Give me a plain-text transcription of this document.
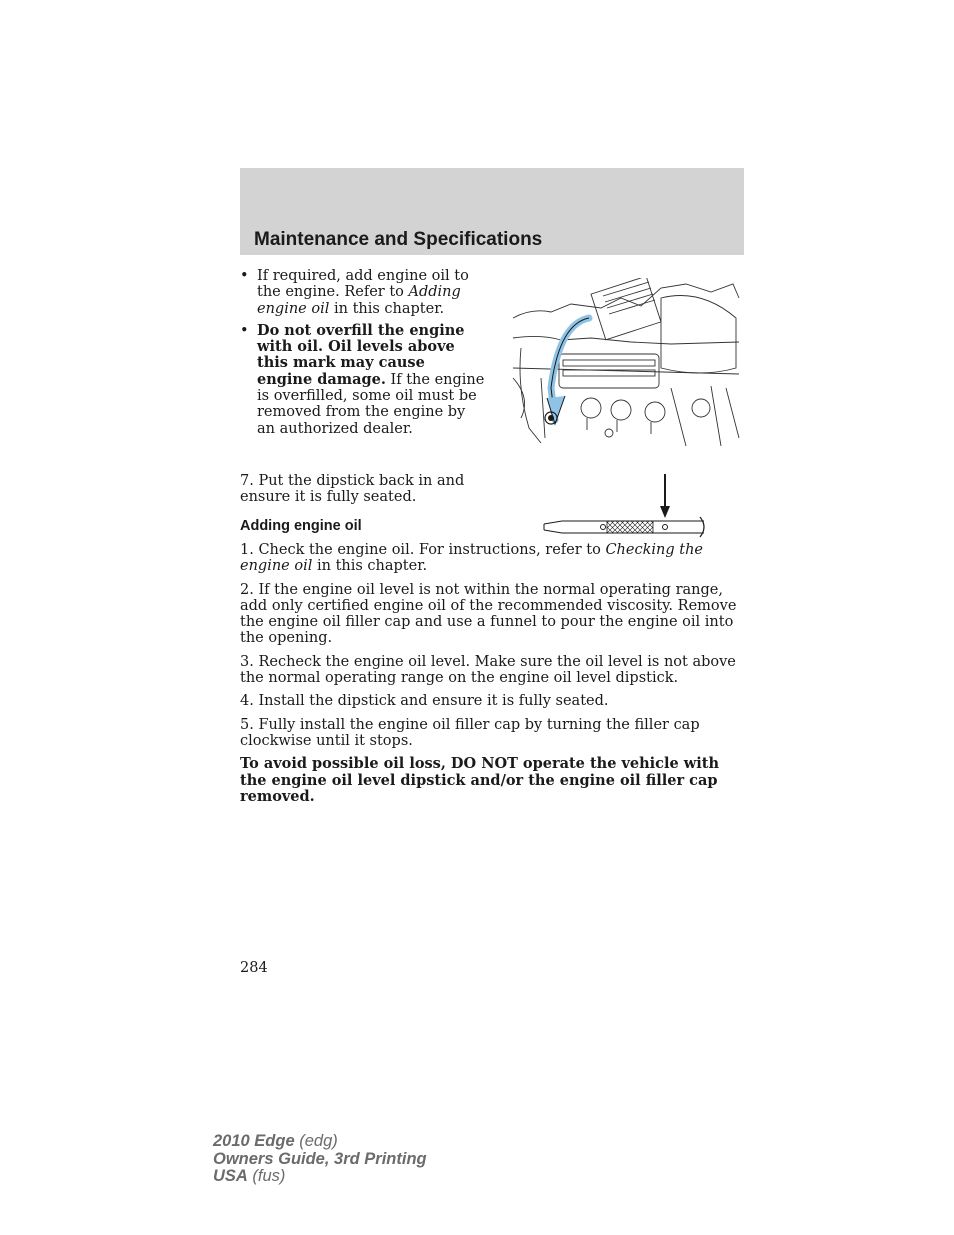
Maintenance and Specifications
• If required, add engine oil to the engine. Refer to Adding engine oil in this chapter.
• Do not overfill the engine with oil. Oil levels above this mark may cause engine damage. If the engine is overfilled, some oil must be removed from the engine by an authorized dealer.
7. Put the dipstick back in and ensure it is fully seated.
Adding engine oil

1. Check the engine oil. For instructions, refer to Checking the engine oil in this chapter.

2. If the engine oil level is not within the normal operating range, add only certified engine oil of the recommended viscosity. Remove the engine oil filler cap and use a funnel to pour the engine oil into the opening.

3. Recheck the engine oil level. Make sure the oil level is not above the normal operating range on the engine oil level dipstick.

4. Install the dipstick and ensure it is fully seated.

5. Fully install the engine oil filler cap by turning the filler cap clockwise until it stops.

To avoid possible oil loss, DO NOT operate the vehicle with the engine oil level dipstick and/or the engine oil filler cap removed.

284
2010 Edge (edg)
Owners Guide, 3rd Printing
USA (fus)
